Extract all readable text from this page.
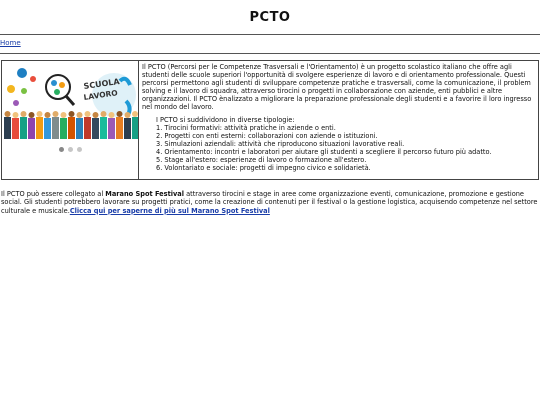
PCTO
Home
SCUOLA
LAVORO

Il PCTO (Percorsi per le Competenze Trasversali e l'Orientamento) è un progetto scolastico italiano che offre agli studenti delle scuole superiori l'opportunità di svolgere esperienze di lavoro e di orientamento professionale. Questi percorsi permettono agli studenti di sviluppare competenze pratiche e trasversali, come la comunicazione, il problem solving e il lavoro di squadra, attraverso tirocini o progetti in collaborazione con aziende, enti pubblici e altre organizzazioni. Il PCTO ènalizzato a migliorare la preparazione professionale degli studenti e a favorire il loro ingresso nel mondo del lavoro.

I PCTO si suddividono in diverse tipologie:

Tirocini formativi: attività pratiche in aziende o enti.
Progetti con enti esterni: collaborazioni con aziende o istituzioni.
Simulazioni aziendali: attività che riproducono situazioni lavorative reali.
Orientamento: incontri e laboratori per aiutare gli studenti a scegliere il percorso futuro più adatto.
Stage all'estero: esperienze di lavoro o formazione all'estero.
Volontariato e sociale: progetti di impegno civico e solidarietà.
Il PCTO può essere collegato al Marano Spot Festival attraverso tirocini e stage in aree come organizzazione eventi, comunicazione, promozione e gestione social. Gli studenti potrebbero lavorare su progetti pratici, come la creazione di contenuti per il festival o la gestione logistica, acquisendo competenze nel settore culturale e musicale.Clicca qui per saperne di più sul Marano Spot Festival
